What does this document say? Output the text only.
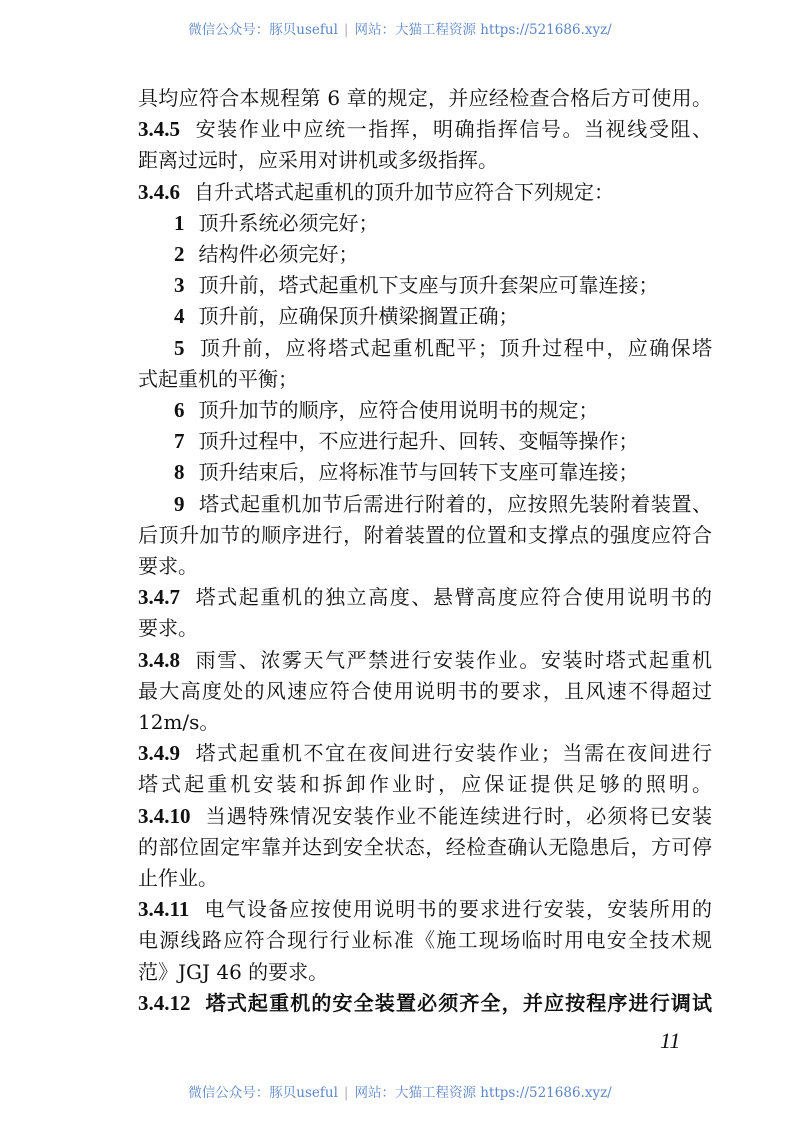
微信公众号：豚贝useful | 网站：大猫工程资源 https://521686.xyz/
具均应符合本规程第 6 章的规定，并应经检查合格后方可使用。
3.4.5 安装作业中应统一指挥，明确指挥信号。当视线受阻、
距离过远时，应采用对讲机或多级指挥。
3.4.6 自升式塔式起重机的顶升加节应符合下列规定：
1 顶升系统必须完好；
2 结构件必须完好；
3 顶升前，塔式起重机下支座与顶升套架应可靠连接；
4 顶升前，应确保顶升横梁搁置正确；
5 顶升前，应将塔式起重机配平；顶升过程中，应确保塔
式起重机的平衡；
6 顶升加节的顺序，应符合使用说明书的规定；
7 顶升过程中，不应进行起升、回转、变幅等操作；
8 顶升结束后，应将标准节与回转下支座可靠连接；
9 塔式起重机加节后需进行附着的，应按照先装附着装置、
后顶升加节的顺序进行，附着装置的位置和支撑点的强度应符合
要求。
3.4.7 塔式起重机的独立高度、悬臂高度应符合使用说明书的
要求。
3.4.8 雨雪、浓雾天气严禁进行安装作业。安装时塔式起重机
最大高度处的风速应符合使用说明书的要求，且风速不得超过
12m/s。
3.4.9 塔式起重机不宜在夜间进行安装作业；当需在夜间进行
塔式起重机安装和拆卸作业时，应保证提供足够的照明。
3.4.10 当遇特殊情况安装作业不能连续进行时，必须将已安装
的部位固定牢靠并达到安全状态，经检查确认无隐患后，方可停
止作业。
3.4.11 电气设备应按使用说明书的要求进行安装，安装所用的
电源线路应符合现行行业标准《施工现场临时用电安全技术规
范》JGJ 46 的要求。
3.4.12 塔式起重机的安全装置必须齐全，并应按程序进行调试
11
微信公众号：豚贝useful | 网站：大猫工程资源 https://521686.xyz/
